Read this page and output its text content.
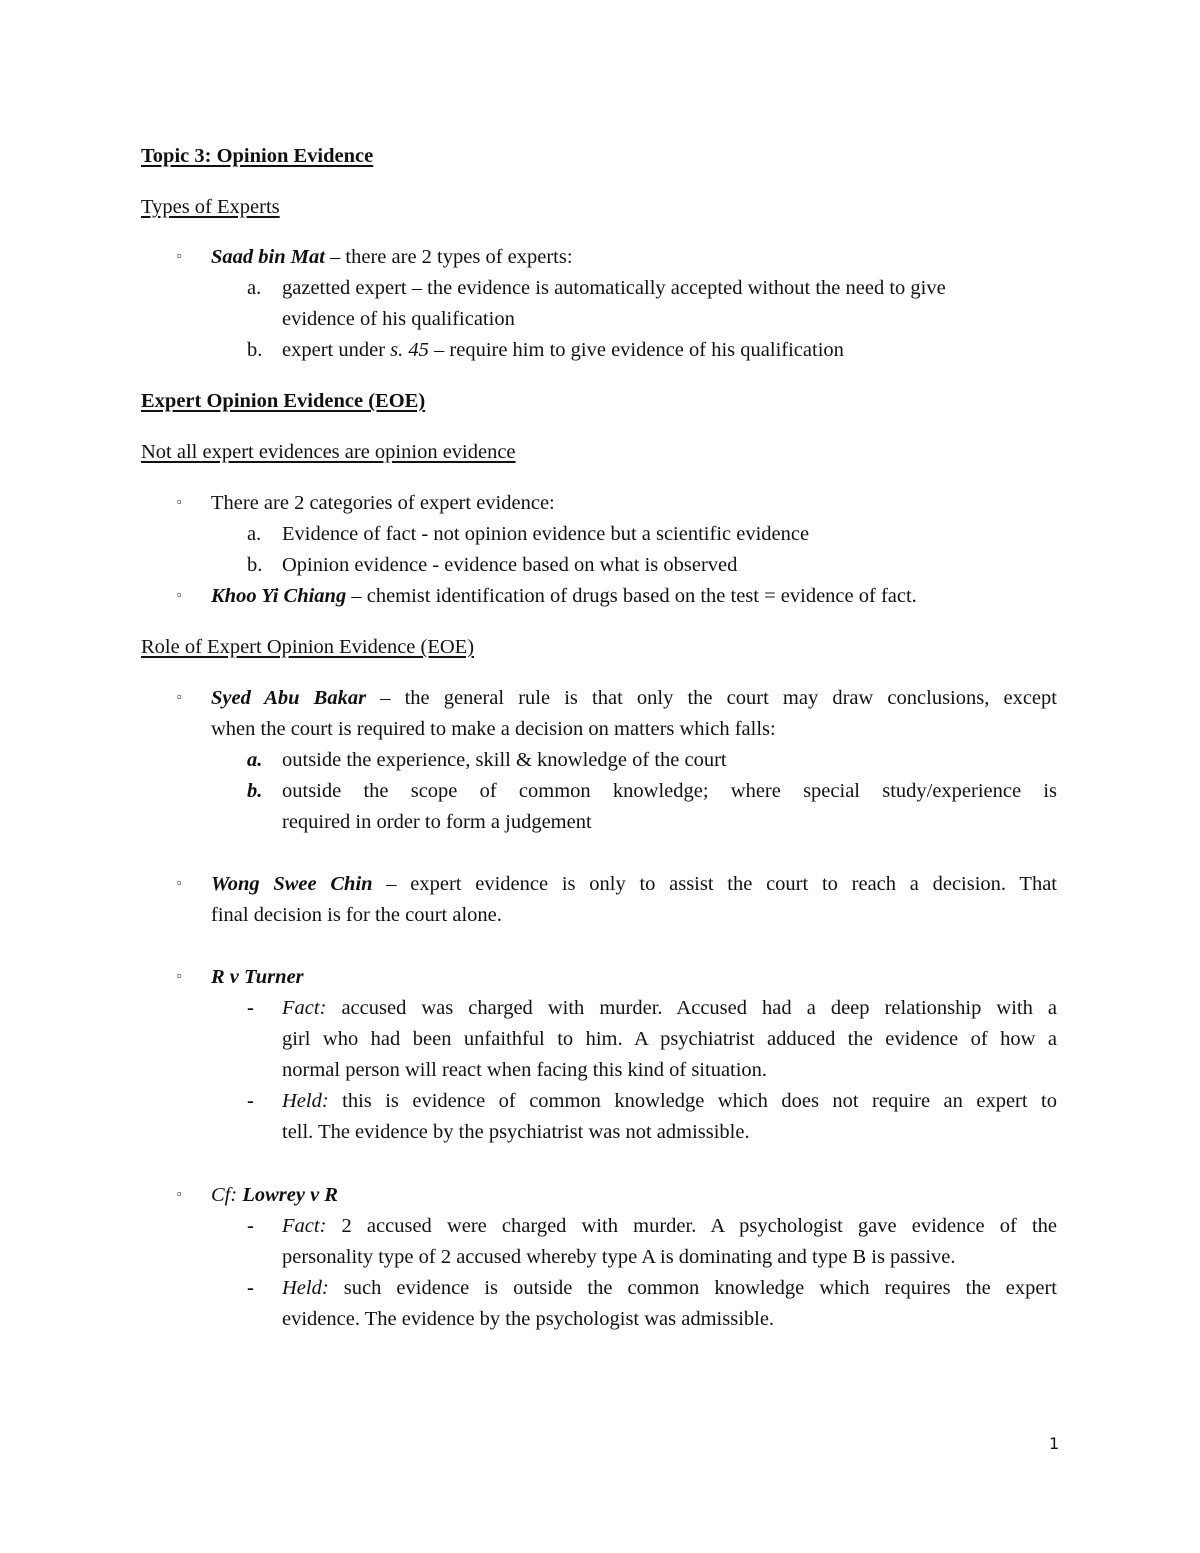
Topic 3: Opinion Evidence
Types of Experts
▫ Saad bin Mat – there are 2 types of experts:
a. gazetted expert – the evidence is automatically accepted without the need to give
evidence of his qualification
b. expert under s. 45 – require him to give evidence of his qualification
Expert Opinion Evidence (EOE)
Not all expert evidences are opinion evidence
▫ There are 2 categories of expert evidence:
a. Evidence of fact - not opinion evidence but a scientific evidence
b. Opinion evidence - evidence based on what is observed
▫ Khoo Yi Chiang – chemist identification of drugs based on the test = evidence of fact.
Role of Expert Opinion Evidence (EOE)
▫ Syed Abu Bakar – the general rule is that only the court may draw conclusions, except
when the court is required to make a decision on matters which falls:
a. outside the experience, skill & knowledge of the court
b. outside the scope of common knowledge; where special study/experience is
required in order to form a judgement
▫ Wong Swee Chin – expert evidence is only to assist the court to reach a decision. That
final decision is for the court alone.
▫ R v Turner
- Fact: accused was charged with murder. Accused had a deep relationship with a
girl who had been unfaithful to him. A psychiatrist adduced the evidence of how a
normal person will react when facing this kind of situation.
- Held: this is evidence of common knowledge which does not require an expert to
tell. The evidence by the psychiatrist was not admissible.
▫ Cf: Lowrey v R
- Fact: 2 accused were charged with murder. A psychologist gave evidence of the
personality type of 2 accused whereby type A is dominating and type B is passive.
- Held: such evidence is outside the common knowledge which requires the expert
evidence. The evidence by the psychologist was admissible.
1
